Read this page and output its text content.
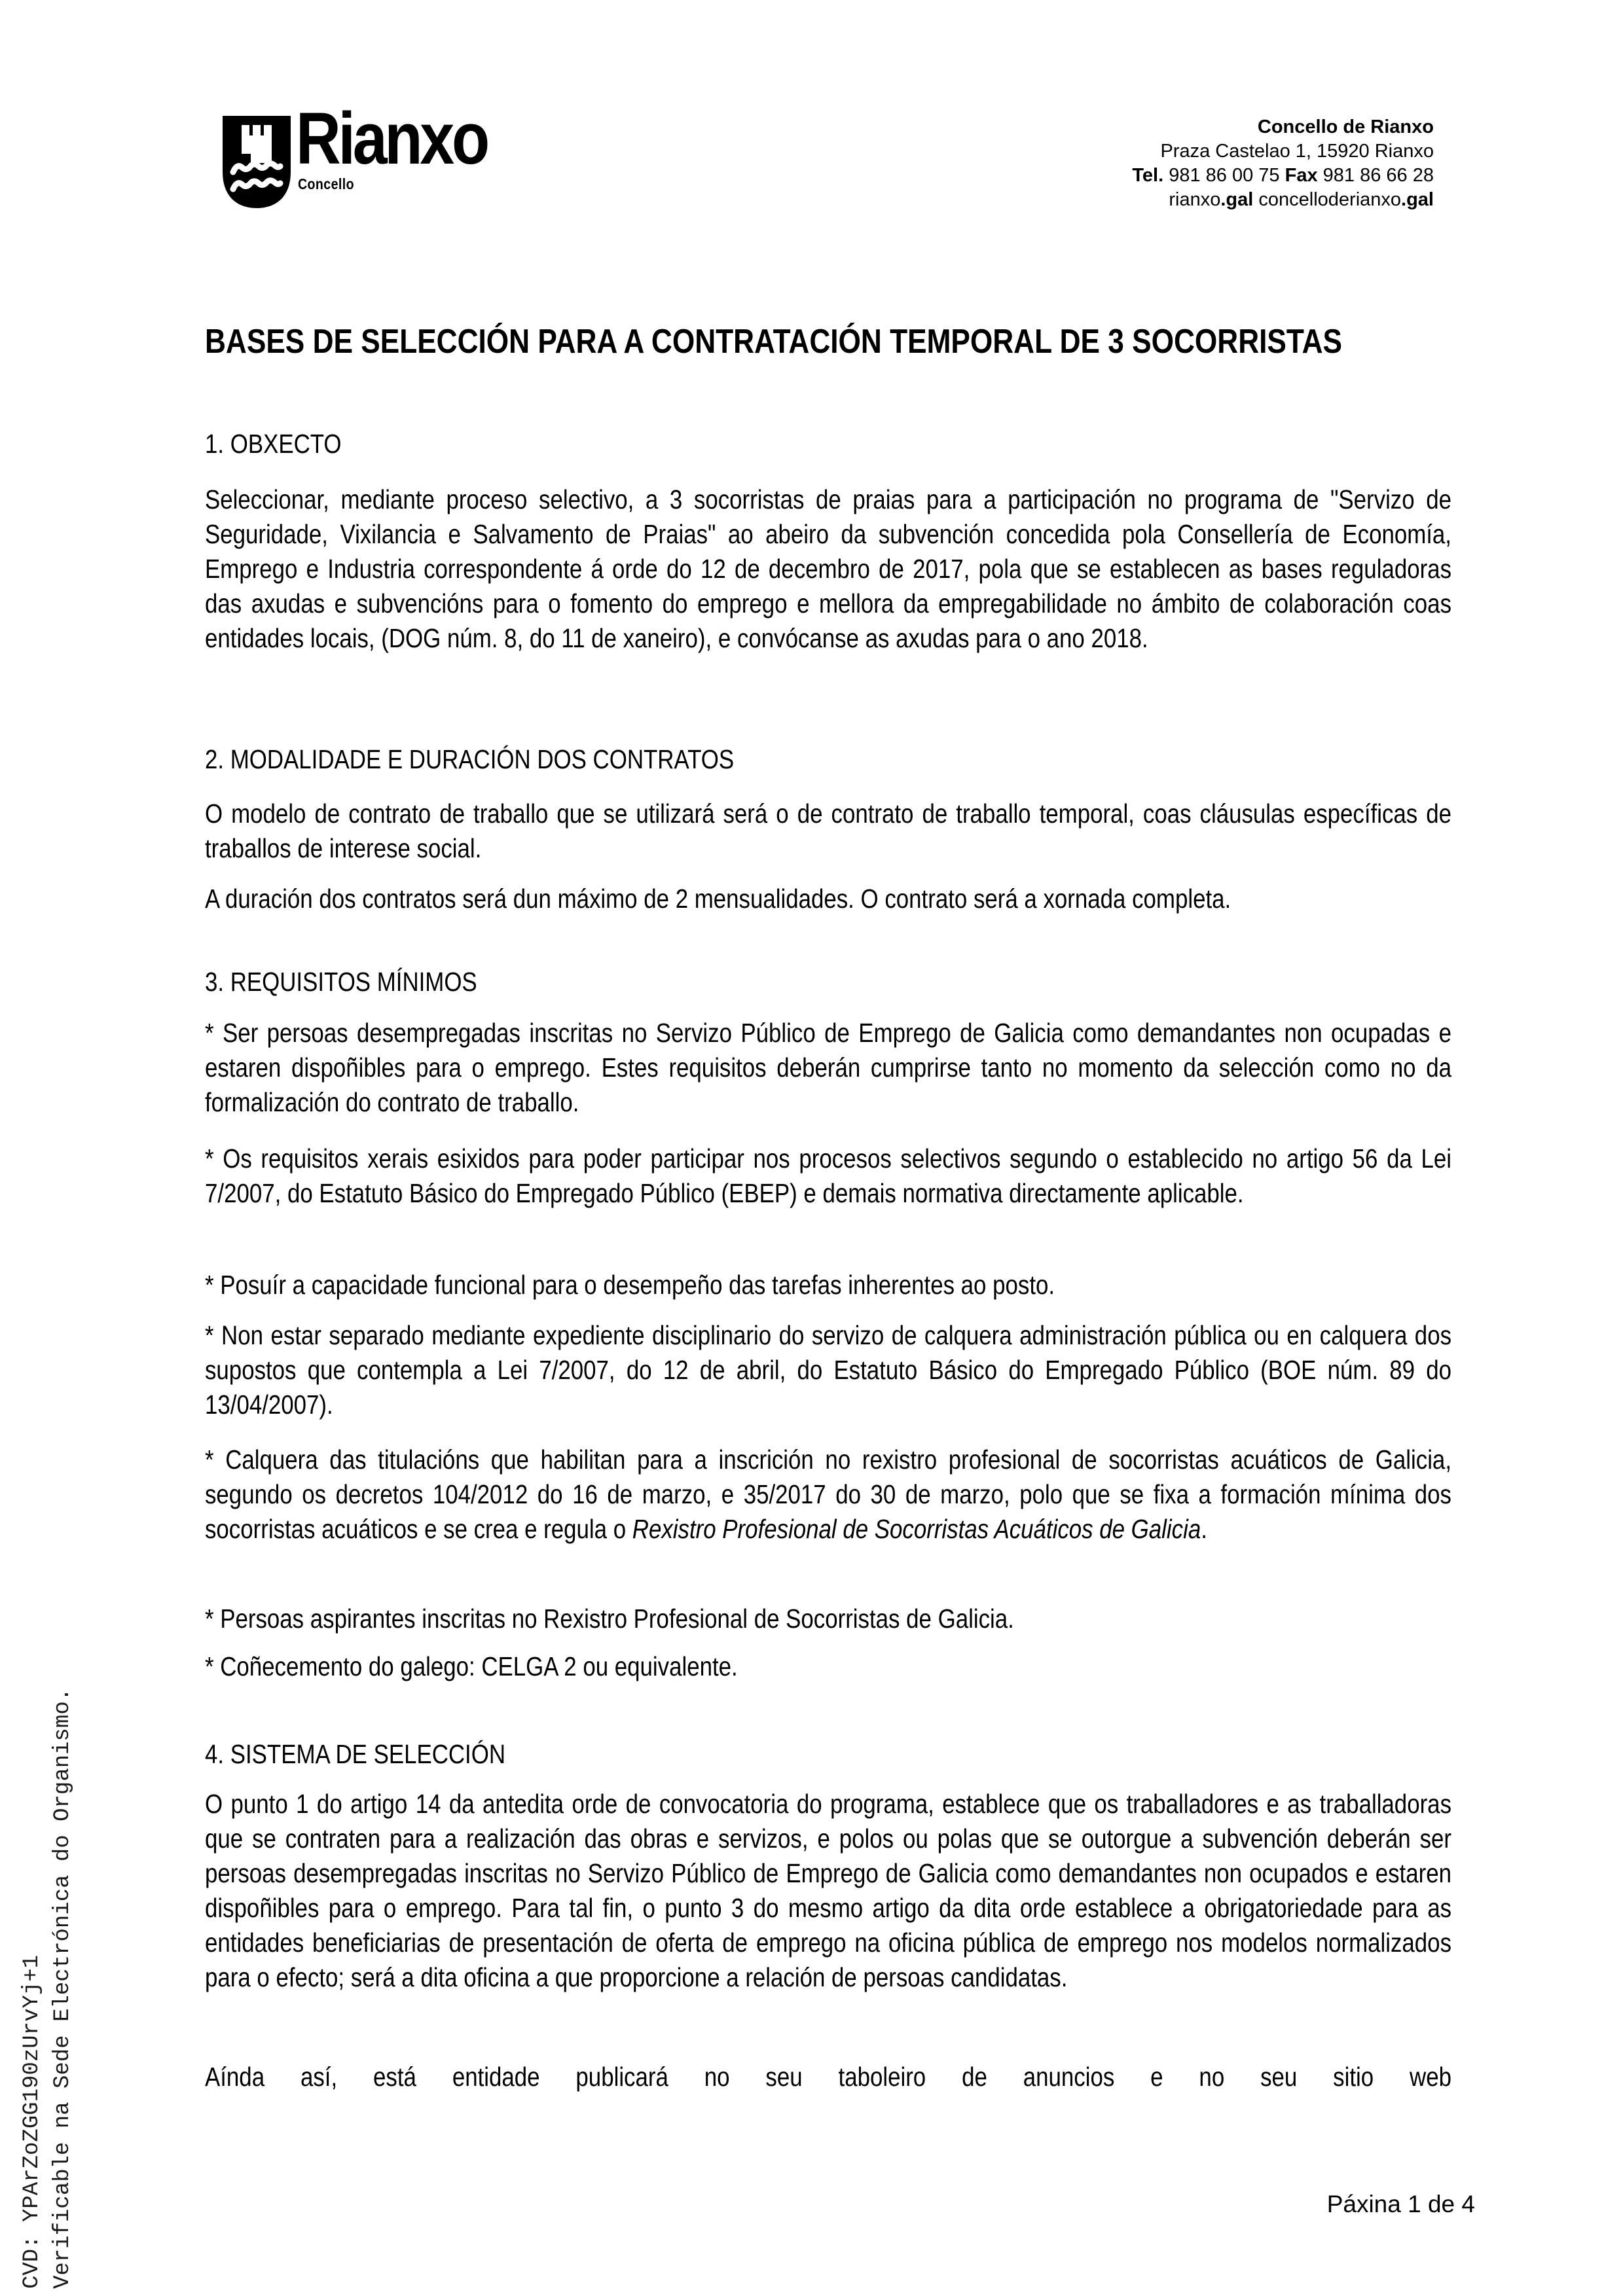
Rianxo
Concello
Concello de Rianxo
Praza Castelao 1, 15920 Rianxo
Tel. 981 86 00 75 Fax 981 86 66 28
rianxo.gal concelloderianxo.gal
BASES DE SELECCIÓN PARA A CONTRATACIÓN TEMPORAL DE 3 SOCORRISTAS
1. OBXECTO

Seleccionar, mediante proceso selectivo, a 3 socorristas de praias para a participación no programa de "Servizo de Seguridade, Vixilancia e Salvamento de Praias" ao abeiro da subvención concedida pola Consellería de Economía, Emprego e Industria correspondente á orde do 12 de decembro de 2017, pola que se establecen as bases reguladoras das axudas e subvencións para o fomento do emprego e mellora da empregabilidade no ámbito de colaboración coas entidades locais, (DOG núm. 8, do 11 de xaneiro), e convócanse as axudas para o ano 2018.

2. MODALIDADE E DURACIÓN DOS CONTRATOS

O modelo de contrato de traballo que se utilizará será o de contrato de traballo temporal, coas cláusulas específicas de traballos de interese social.

A duración dos contratos será dun máximo de 2 mensualidades. O contrato será a xornada completa.

3. REQUISITOS MÍNIMOS

* Ser persoas desempregadas inscritas no Servizo Público de Emprego de Galicia como demandantes non ocupadas e estaren dispoñibles para o emprego. Estes requisitos deberán cumprirse tanto no momento da selección como no da formalización do contrato de traballo.

* Os requisitos xerais esixidos para poder participar nos procesos selectivos segundo o establecido no artigo 56 da Lei 7/2007, do Estatuto Básico do Empregado Público (EBEP) e demais normativa directamente aplicable.

* Posuír a capacidade funcional para o desempeño das tarefas inherentes ao posto.

* Non estar separado mediante expediente disciplinario do servizo de calquera administración pública ou en calquera dos supostos que contempla a Lei 7/2007, do 12 de abril, do Estatuto Básico do Empregado Público (BOE núm. 89 do 13/04/2007).

* Calquera das titulacións que habilitan para a inscrición no rexistro profesional de socorristas acuáticos de Galicia, segundo os decretos 104/2012 do 16 de marzo, e 35/2017 do 30 de marzo, polo que se fixa a formación mínima dos socorristas acuáticos e se crea e regula o Rexistro Profesional de Socorristas Acuáticos de Galicia.

* Persoas aspirantes inscritas no Rexistro Profesional de Socorristas de Galicia.

* Coñecemento do galego: CELGA 2 ou equivalente.

4. SISTEMA DE SELECCIÓN

O punto 1 do artigo 14 da antedita orde de convocatoria do programa, establece que os traballadores e as traballadoras que se contraten para a realización das obras e servizos, e polos ou polas que se outorgue a subvención deberán ser persoas desempregadas inscritas no Servizo Público de Emprego de Galicia como demandantes non ocupados e estaren dispoñibles para o emprego. Para tal fin, o punto 3 do mesmo artigo da dita orde establece a obrigatoriedade para as entidades beneficiarias de presentación de oferta de emprego na oficina pública de emprego nos modelos normalizados para o efecto; será a dita oficina a que proporcione a relación de persoas candidatas.

Aínda así, está entidade publicará no seu taboleiro de anuncios e no seu sitio web

CVD: YPArZoZGG190zUrvYj+1 Verificable na Sede Electrónica do Organismo.	Páxina 1 de 4
